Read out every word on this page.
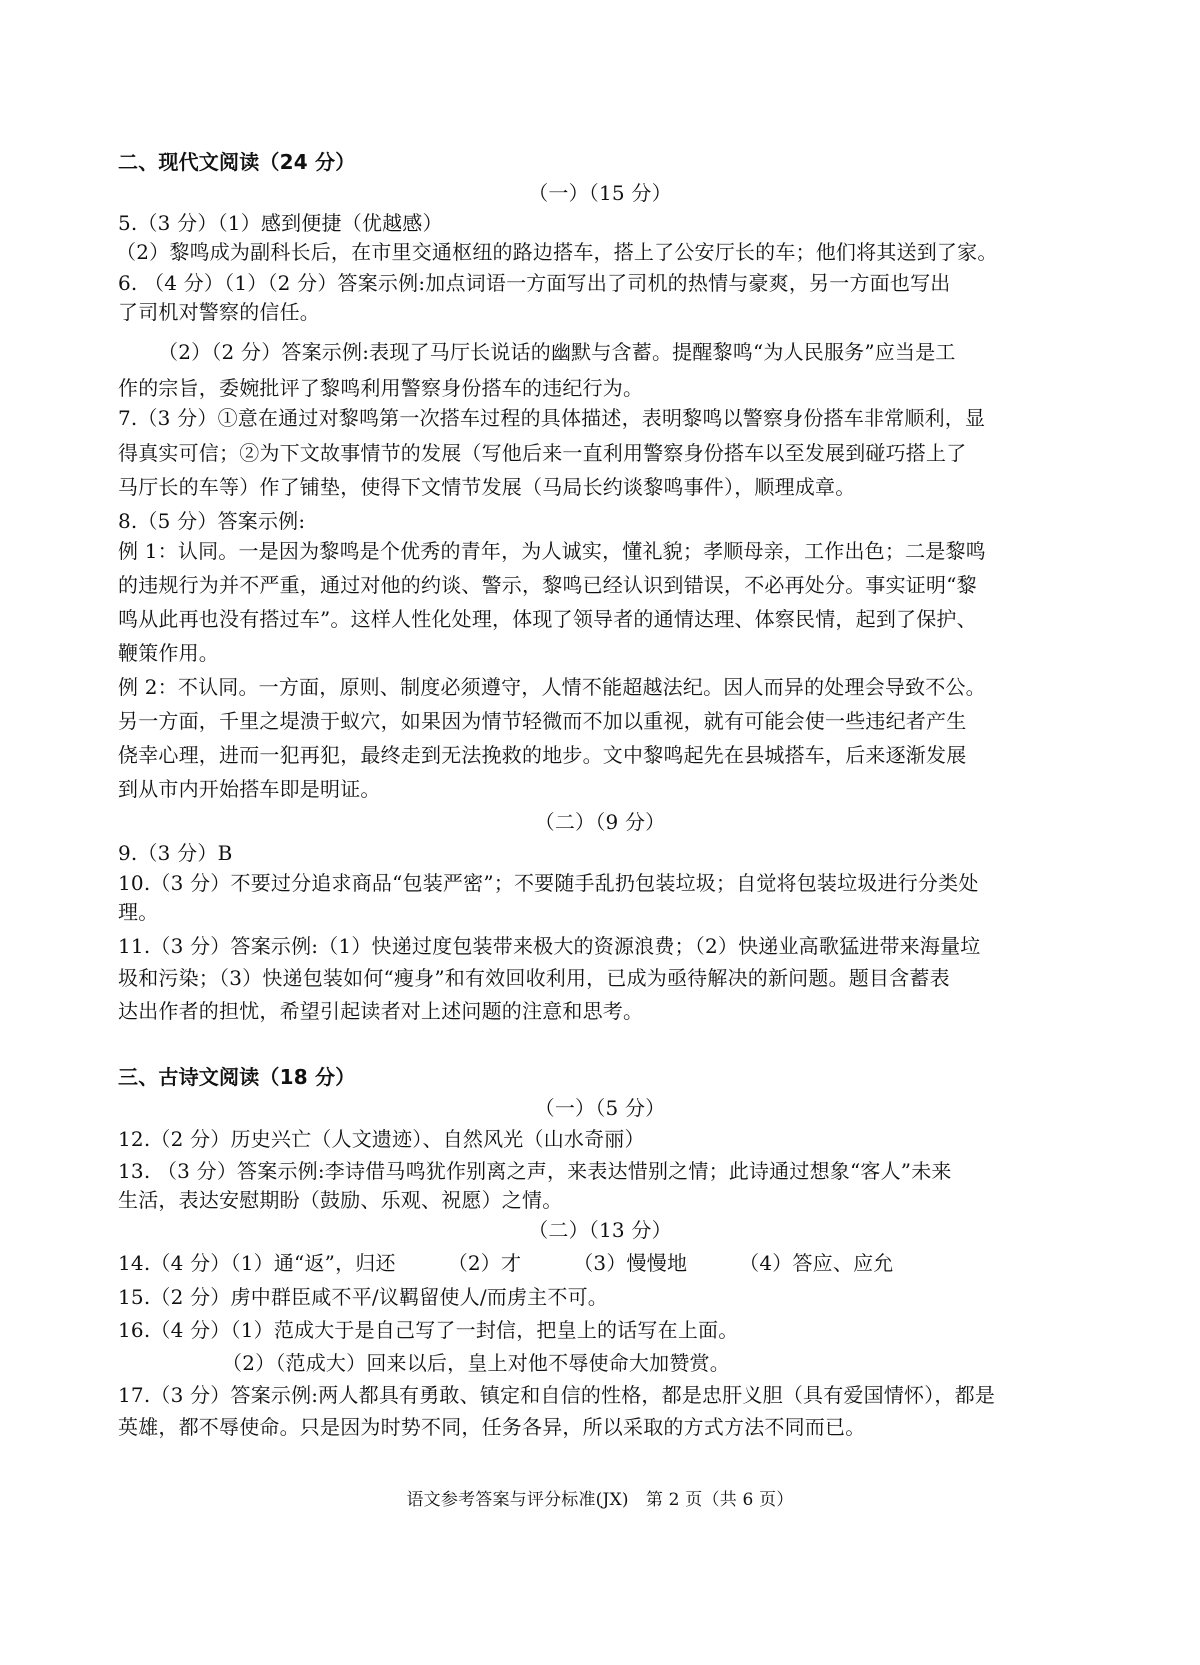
二、现代文阅读（24 分）
（一）（15 分）
5.（3 分）（1）感到便捷（优越感）
（2）黎鸣成为副科长后，在市里交通枢纽的路边搭车，搭上了公安厅长的车；他们将其送到了家。
6. （4 分）（1）（2 分）答案示例:加点词语一方面写出了司机的热情与豪爽，另一方面也写出
了司机对警察的信任。
（2）（2 分）答案示例:表现了马厅长说话的幽默与含蓄。提醒黎鸣“为人民服务”应当是工
作的宗旨，委婉批评了黎鸣利用警察身份搭车的违纪行为。
7.（3 分）①意在通过对黎鸣第一次搭车过程的具体描述，表明黎鸣以警察身份搭车非常顺利，显
得真实可信；②为下文故事情节的发展（写他后来一直利用警察身份搭车以至发展到碰巧搭上了
马厅长的车等）作了铺垫，使得下文情节发展（马局长约谈黎鸣事件），顺理成章。
8.（5 分）答案示例:
例 1：认同。一是因为黎鸣是个优秀的青年，为人诚实，懂礼貌；孝顺母亲，工作出色；二是黎鸣
的违规行为并不严重，通过对他的约谈、警示，黎鸣已经认识到错误，不必再处分。事实证明“黎
鸣从此再也没有搭过车”。这样人性化处理，体现了领导者的通情达理、体察民情，起到了保护、
鞭策作用。
例 2：不认同。一方面，原则、制度必须遵守，人情不能超越法纪。因人而异的处理会导致不公。
另一方面，千里之堤溃于蚁穴，如果因为情节轻微而不加以重视，就有可能会使一些违纪者产生
侥幸心理，进而一犯再犯，最终走到无法挽救的地步。文中黎鸣起先在县城搭车，后来逐渐发展
到从市内开始搭车即是明证。
（二）（9 分）
9.（3 分）B
10.（3 分）不要过分追求商品“包装严密”；不要随手乱扔包装垃圾；自觉将包装垃圾进行分类处
理。
11.（3 分）答案示例:（1）快递过度包装带来极大的资源浪费；（2）快递业高歌猛进带来海量垃
圾和污染；（3）快递包装如何“瘦身”和有效回收利用，已成为亟待解决的新问题。题目含蓄表
达出作者的担忧，希望引起读者对上述问题的注意和思考。
三、古诗文阅读（18 分）
（一）（5 分）
12.（2 分）历史兴亡（人文遗迹）、自然风光（山水奇丽）
13. （3 分）答案示例:李诗借马鸣犹作别离之声，来表达惜别之情；此诗通过想象“客人”未来
生活，表达安慰期盼（鼓励、乐观、祝愿）之情。
（二）（13 分）
14.（4 分）（1）通“返”，归还	（2）才	（3）慢慢地	（4）答应、应允
15.（2 分）虏中群臣咸不平/议羁留使人/而虏主不可。
16.（4 分）（1）范成大于是自己写了一封信，把皇上的话写在上面。
（2）（范成大）回来以后，皇上对他不辱使命大加赞赏。
17.（3 分）答案示例:两人都具有勇敢、镇定和自信的性格，都是忠肝义胆（具有爱国情怀），都是
英雄，都不辱使命。只是因为时势不同，任务各异，所以采取的方式方法不同而已。
语文参考答案与评分标准(JX)　第 2 页（共 6 页）
